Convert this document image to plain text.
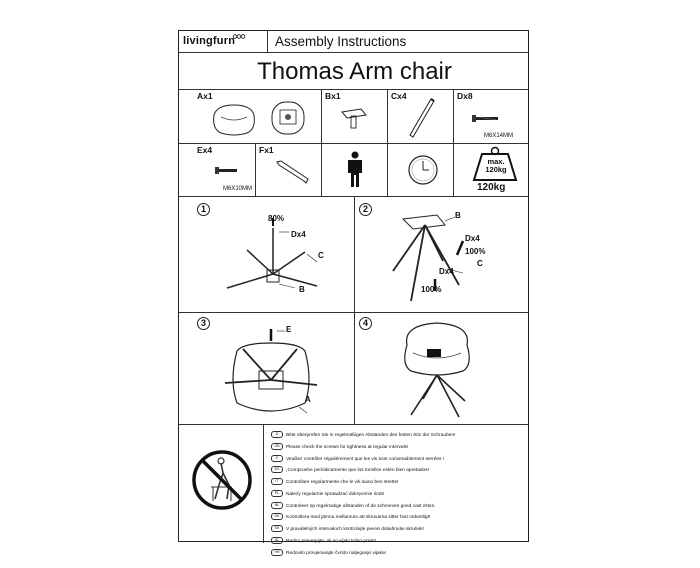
livingfurn	Assembly Instructions
Thomas Arm chair
Ax1	Bx1	Cx4	Dx8
M6X14MM
Ex4
M6X10MM
Fx1
max.
120kg
120kg
1
80%
Dx4
C
B
2
B
Dx4
100%
C
Dx4
100%
3
E
A
4
D Bitte überprüfen Sie in regelmäßigen Abständen den festen Sitz der Schrauben!
GB Please check the screws for tightness at regular intervals!
F Veuillez contrôler régulièrement que les vis sont convenablement serrées !
ES ¡Compruebe periódicamente que los tornillos estén bien apretados!
IT Controllare regolarmente che le viti siano ben strette!
PL Należy regularnie sprawdzać dokręcenie śrub!
NL Controleer op regelmatige afstanden of de schroeven goed vast zitten.
DK Kontrollera med jämna mellanrum att skruvarna sitter fast ordentligt!
SK V pravidelných intervaloch kontrolujte pevné dotiahnutie skrutiek!
SL Redno preverjajte, ali so vijaki trdno priviti!
HR Redovito provjeravajte čvrsto naljeganje vijaka!
